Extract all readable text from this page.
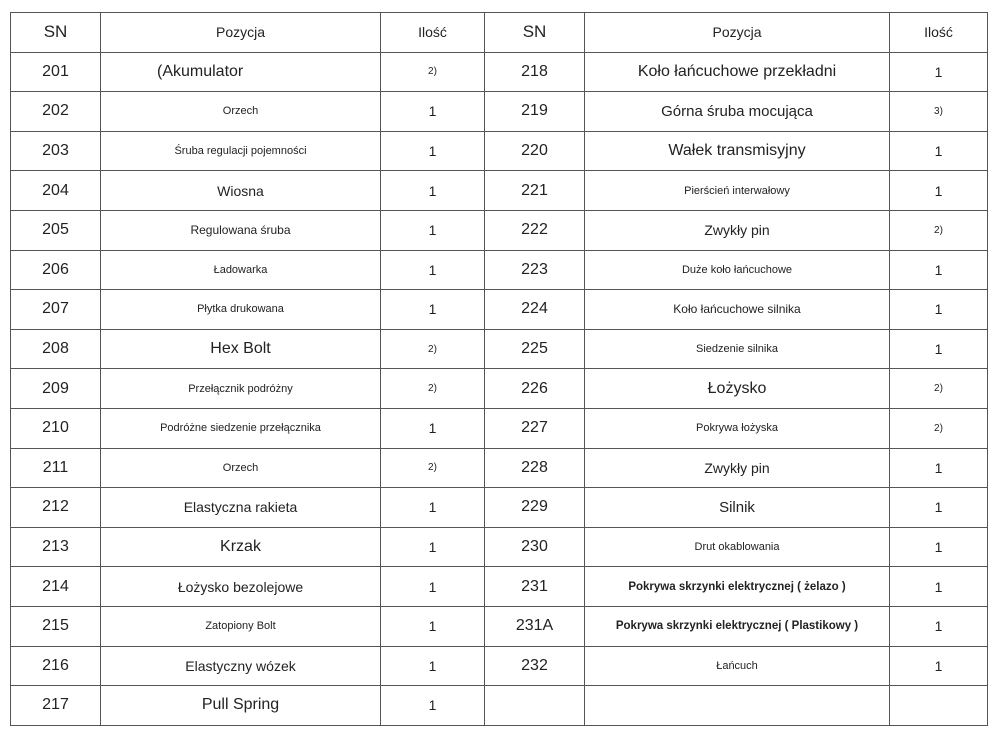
SN	Pozycja	Ilość	SN	Pozycja	Ilość
201	(Akumulator	2)	218	Koło łańcuchowe przekładni	1
202	Orzech	1	219	Górna śruba mocująca	3)
203	Śruba regulacji pojemności	1	220	Wałek transmisyjny	1
204	Wiosna	1	221	Pierścień interwałowy	1
205	Regulowana śruba	1	222	Zwykły pin	2)
206	Ładowarka	1	223	Duże koło łańcuchowe	1
207	Płytka drukowana	1	224	Koło łańcuchowe silnika	1
208	Hex Bolt	2)	225	Siedzenie silnika	1
209	Przełącznik podróżny	2)	226	Łożysko	2)
210	Podróżne siedzenie przełącznika	1	227	Pokrywa łożyska	2)
211	Orzech	2)	228	Zwykły pin	1
212	Elastyczna rakieta	1	229	Silnik	1
213	Krzak	1	230	Drut okablowania	1
214	Łożysko bezolejowe	1	231	Pokrywa skrzynki elektrycznej ( żelazo )	1
215	Zatopiony Bolt	1	231A	Pokrywa skrzynki elektrycznej ( Plastikowy )	1
216	Elastyczny wózek	1	232	Łańcuch	1
217	Pull Spring	1			
